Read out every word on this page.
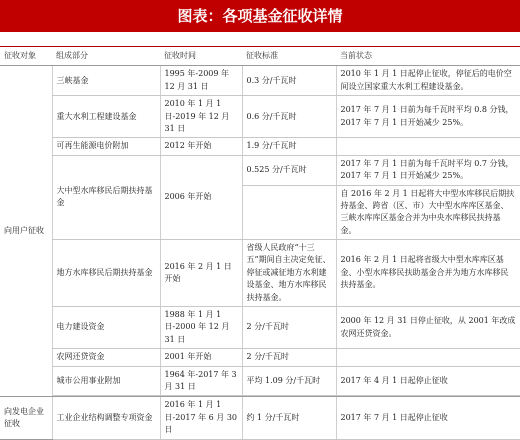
图表：各项基金征收详情
征收对象	组成部分	征收时间	征收标准	当前状态
向用户征收	三峡基金	1995 年-2009 年 12 月 31 日	0.3 分/千瓦时	2010 年 1 月 1 日起停止征收，停征后的电价空间设立国家重大水利工程建设基金。
	重大水利工程建设基金	2010 年 1 月 1 日-2019 年 12 月 31 日	0.6 分/千瓦时	2017 年 7 月 1 日前为每千瓦时平均 0.8 分钱，2017 年 7 月 1 日开始减少 25%。
	可再生能源电价附加	2012 年开始	1.9 分/千瓦时	
	大中型水库移民后期扶持基金	2006 年开始	0.525 分/千瓦时	2017 年 7 月 1 日前为每千瓦时平均 0.7 分钱，2017 年 7 月 1 日开始减少 25%。
				自 2016 年 2 月 1 日起将大中型水库移民后期扶持基金、跨省（区、市）大中型水库库区基金、三峡水库库区基金合并为中央水库移民扶持基金。
	地方水库移民后期扶持基金	2016 年 2 月 1 日开始	省级人民政府“十三五”期间自主决定免征、停征或减征地方水利建设基金、地方水库移民扶持基金。	2016 年 2 月 1 日起将省级大中型水库库区基金、小型水库移民扶助基金合并为地方水库移民扶持基金。
	电力建设资金	1988 年 1 月 1 日-2000 年 12 月 31 日	2 分/千瓦时	2000 年 12 月 31 日停止征收，从 2001 年改成农网还贷资金。
	农网还贷资金	2001 年开始	2 分/千瓦时	
	城市公用事业附加	1964 年-2017 年 3 月 31 日	平均 1.09 分/千瓦时	2017 年 4 月 1 日起停止征收

向发电企业征收	工业企业结构调整专项资金	2016 年 1 月 1 日-2017 年 6 月 30 日	约 1 分/千瓦时	2017 年 7 月 1 日起停止征收
